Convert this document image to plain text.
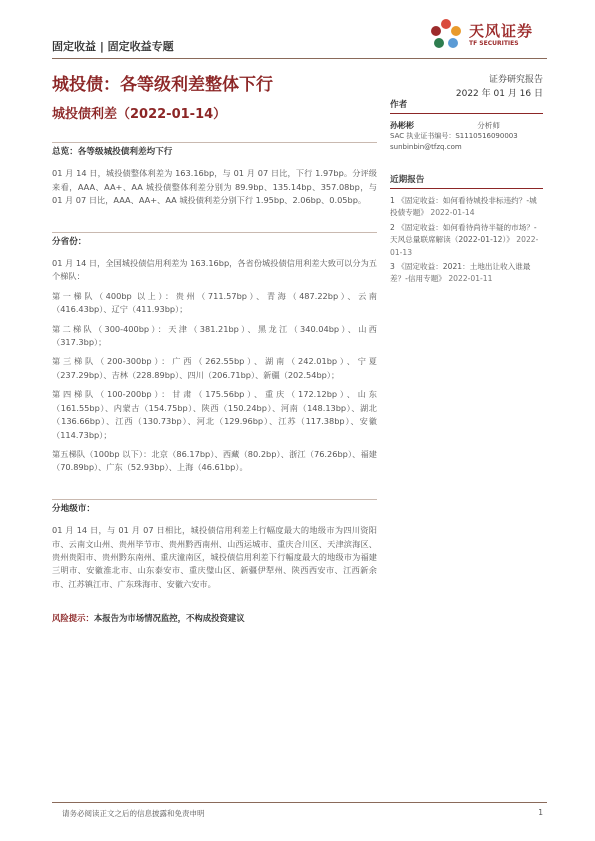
固定收益 | 固定收益专题
天风证券
TF SECURITIES
城投债：各等级利差整体下行
城投债利差（2022-01-14）
证券研究报告
2022 年 01 月 16 日
总览：各等级城投债利差均下行

01 月 14 日，城投债整体利差为 163.16bp，与 01 月 07 日比，下行 1.97bp。分评级来看，AAA、AA+、AA 城投债整体利差分别为 89.9bp、135.14bp、357.08bp，与 01 月 07 日比，AAA、AA+、AA 城投债利差分别下行 1.95bp、2.06bp、0.05bp。

分省份：

01 月 14 日，全国城投债信用利差为 163.16bp，各省份城投债信用利差大致可以分为五个梯队：

第一梯队（400bp 以上）：贵州（711.57bp）、青海（487.22bp）、云南（416.43bp）、辽宁（411.93bp）；

第二梯队（300-400bp）：天津（381.21bp）、黑龙江（340.04bp）、山西（317.3bp）；

第三梯队（200-300bp）：广西（262.55bp）、湖南（242.01bp）、宁夏（237.29bp）、吉林（228.89bp）、四川（206.71bp）、新疆（202.54bp）；

第四梯队（100-200bp）：甘肃（175.56bp）、重庆（172.12bp）、山东（161.55bp）、内蒙古（154.75bp）、陕西（150.24bp）、河南（148.13bp）、湖北（136.66bp）、江西（130.73bp）、河北（129.96bp）、江苏（117.38bp）、安徽（114.73bp）；

第五梯队（100bp 以下）：北京（86.17bp）、西藏（80.2bp）、浙江（76.26bp）、福建（70.89bp）、广东（52.93bp）、上海（46.61bp）。

分地级市：

01 月 14 日，与 01 月 07 日相比，城投债信用利差上行幅度最大的地级市为四川资阳市、云南文山州、贵州毕节市、贵州黔西南州、山西运城市、重庆合川区、天津滨海区、贵州贵阳市、贵州黔东南州、重庆潼南区，城投债信用利差下行幅度最大的地级市为福建三明市、安徽淮北市、山东泰安市、重庆璧山区、新疆伊犁州、陕西西安市、江西新余市、江苏镇江市、广东珠海市、安徽六安市。

作者
孙彬彬	分析师
SAC 执业证书编号：S1110516090003
sunbinbin@tfzq.com
近期报告
1 《固定收益：如何看待城投非标违约？-城投债专题》 2022-01-14
2 《固定收益：如何看待尚待半疑的市场？-天风总量联席解读（2022-01-12）》 2022-01-13
3 《固定收益：2021：土地出让收入谁最差？-信用专题》 2022-01-11
风险提示：本报告为市场情况监控，不构成投资建议
请务必阅读正文之后的信息披露和免责申明	1
